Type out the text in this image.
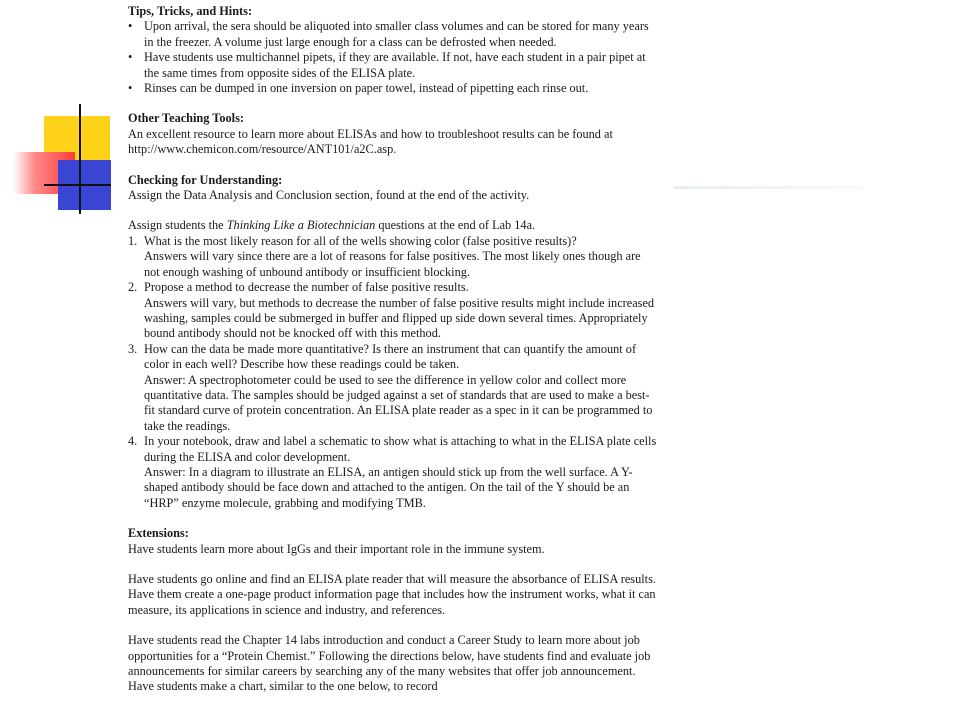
Tips, Tricks, and Hints:

• Upon arrival, the sera should be aliquoted into smaller class volumes and can be stored for many years in the freezer. A volume just large enough for a class can be defrosted when needed.

• Have students use multichannel pipets, if they are available. If not, have each student in a pair pipet at the same times from opposite sides of the ELISA plate.

• Rinses can be dumped in one inversion on paper towel, instead of pipetting each rinse out.

Other Teaching Tools:

An excellent resource to learn more about ELISAs and how to troubleshoot results can be found at http://www.chemicon.com/resource/ANT101/a2C.asp.

Checking for Understanding:

Assign the Data Analysis and Conclusion section, found at the end of the activity.

Assign students the Thinking Like a Biotechnician questions at the end of Lab 14a.

1. What is the most likely reason for all of the wells showing color (false positive results)?

Answers will vary since there are a lot of reasons for false positives. The most likely ones though are not enough washing of unbound antibody or insufficient blocking.

2. Propose a method to decrease the number of false positive results.

Answers will vary, but methods to decrease the number of false positive results might include increased washing, samples could be submerged in buffer and flipped up side down several times. Appropriately bound antibody should not be knocked off with this method.

3. How can the data be made more quantitative? Is there an instrument that can quantify the amount of color in each well? Describe how these readings could be taken.

Answer: A spectrophotometer could be used to see the difference in yellow color and collect more quantitative data. The samples should be judged against a set of standards that are used to make a best-fit standard curve of protein concentration. An ELISA plate reader as a spec in it can be programmed to take the readings.

4. In your notebook, draw and label a schematic to show what is attaching to what in the ELISA plate cells during the ELISA and color development.

Answer: In a diagram to illustrate an ELISA, an antigen should stick up from the well surface. A Y-shaped antibody should be face down and attached to the antigen. On the tail of the Y should be an “HRP” enzyme molecule, grabbing and modifying TMB.

Extensions:

Have students learn more about IgGs and their important role in the immune system.

Have students go online and find an ELISA plate reader that will measure the absorbance of ELISA results. Have them create a one-page product information page that includes how the instrument works, what it can measure, its applications in science and industry, and references.

Have students read the Chapter 14 labs introduction and conduct a Career Study to learn more about job opportunities for a “Protein Chemist.” Following the directions below, have students find and evaluate job announcements for similar careers by searching any of the many websites that offer job announcement. Have students make a chart, similar to the one below, to record
